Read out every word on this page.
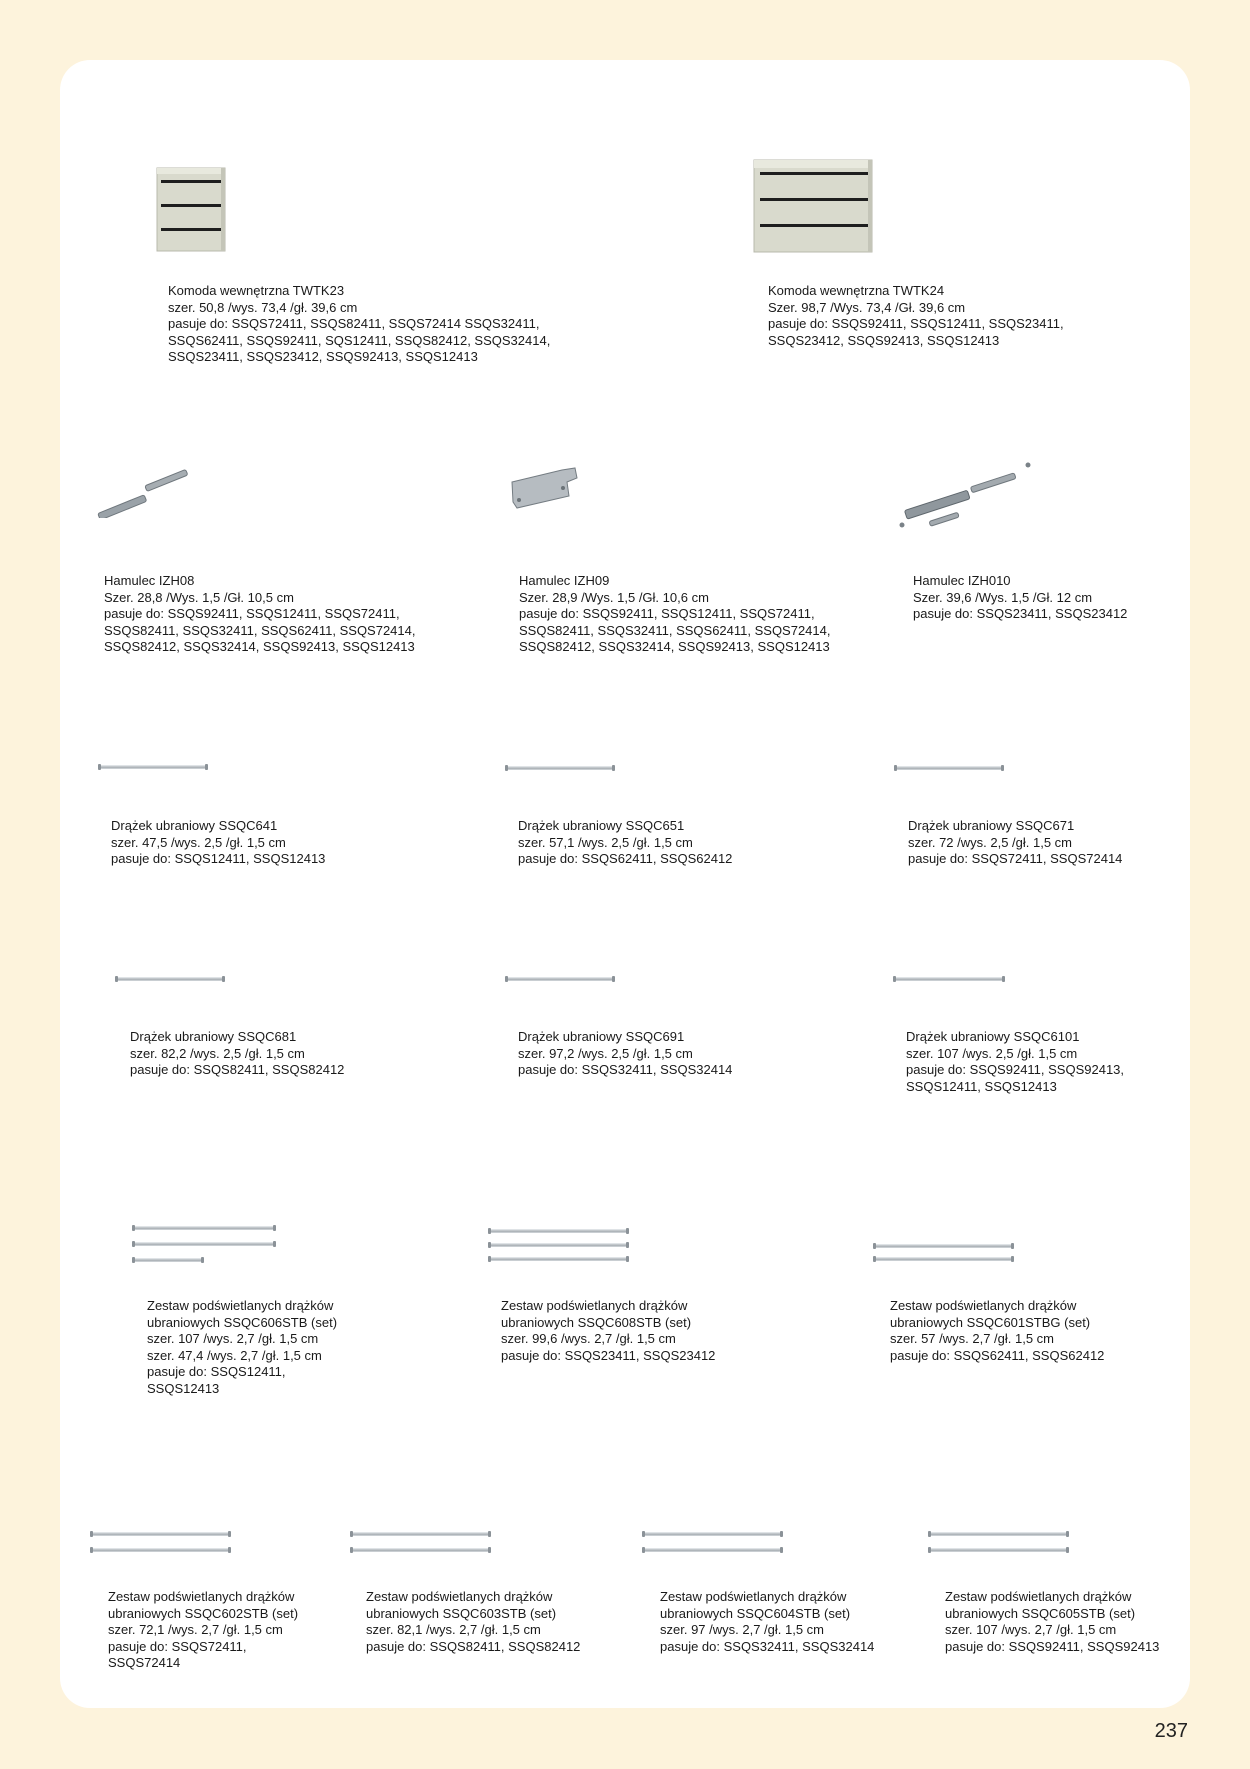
Komoda wewnętrzna TWTK23
szer. 50,8 /wys. 73,4 /gł. 39,6 cm
pasuje do: SSQS72411, SSQS82411, SSQS72414 SSQS32411,
SSQS62411, SSQS92411, SQS12411, SSQS82412, SSQS32414,
SSQS23411, SSQS23412, SSQS92413, SSQS12413
Komoda wewnętrzna TWTK24
Szer. 98,7 /Wys. 73,4 /Gł. 39,6 cm
pasuje do: SSQS92411, SSQS12411, SSQS23411,
SSQS23412, SSQS92413, SSQS12413
Hamulec IZH08
Szer. 28,8 /Wys. 1,5 /Gł. 10,5 cm
pasuje do: SSQS92411, SSQS12411, SSQS72411,
SSQS82411, SSQS32411, SSQS62411, SSQS72414,
SSQS82412, SSQS32414, SSQS92413, SSQS12413
Hamulec IZH09
Szer. 28,9 /Wys. 1,5 /Gł. 10,6 cm
pasuje do: SSQS92411, SSQS12411, SSQS72411,
SSQS82411, SSQS32411, SSQS62411, SSQS72414,
SSQS82412, SSQS32414, SSQS92413, SSQS12413
Hamulec IZH010
Szer. 39,6 /Wys. 1,5 /Gł. 12 cm
pasuje do: SSQS23411, SSQS23412
Drążek ubraniowy SSQC641
szer. 47,5 /wys. 2,5 /gł. 1,5 cm
pasuje do: SSQS12411, SSQS12413
Drążek ubraniowy SSQC651
szer. 57,1 /wys. 2,5 /gł. 1,5 cm
pasuje do: SSQS62411, SSQS62412
Drążek ubraniowy SSQC671
szer. 72 /wys. 2,5 /gł. 1,5 cm
pasuje do: SSQS72411, SSQS72414
Drążek ubraniowy SSQC681
szer. 82,2 /wys. 2,5 /gł. 1,5 cm
pasuje do: SSQS82411, SSQS82412
Drążek ubraniowy SSQC691
szer. 97,2 /wys. 2,5 /gł. 1,5 cm
pasuje do: SSQS32411, SSQS32414
Drążek ubraniowy SSQC6101
szer. 107 /wys. 2,5 /gł. 1,5 cm
pasuje do: SSQS92411, SSQS92413,
SSQS12411, SSQS12413
Zestaw podświetlanych drążków
ubraniowych SSQC606STB (set)
szer. 107 /wys. 2,7 /gł. 1,5 cm
szer. 47,4 /wys. 2,7 /gł. 1,5 cm
pasuje do: SSQS12411,
SSQS12413
Zestaw podświetlanych drążków
ubraniowych SSQC608STB (set)
szer. 99,6 /wys. 2,7 /gł. 1,5 cm
pasuje do: SSQS23411, SSQS23412
Zestaw podświetlanych drążków
ubraniowych SSQC601STBG (set)
szer. 57 /wys. 2,7 /gł. 1,5 cm
pasuje do: SSQS62411, SSQS62412
Zestaw podświetlanych drążków
ubraniowych SSQC602STB (set)
szer. 72,1 /wys. 2,7 /gł. 1,5 cm
pasuje do: SSQS72411,
SSQS72414
Zestaw podświetlanych drążków
ubraniowych SSQC603STB (set)
szer. 82,1 /wys. 2,7 /gł. 1,5 cm
pasuje do: SSQS82411, SSQS82412
Zestaw podświetlanych drążków
ubraniowych SSQC604STB (set)
szer. 97 /wys. 2,7 /gł. 1,5 cm
pasuje do: SSQS32411, SSQS32414
Zestaw podświetlanych drążków
ubraniowych SSQC605STB (set)
szer. 107 /wys. 2,7 /gł. 1,5 cm
pasuje do: SSQS92411, SSQS92413
237
